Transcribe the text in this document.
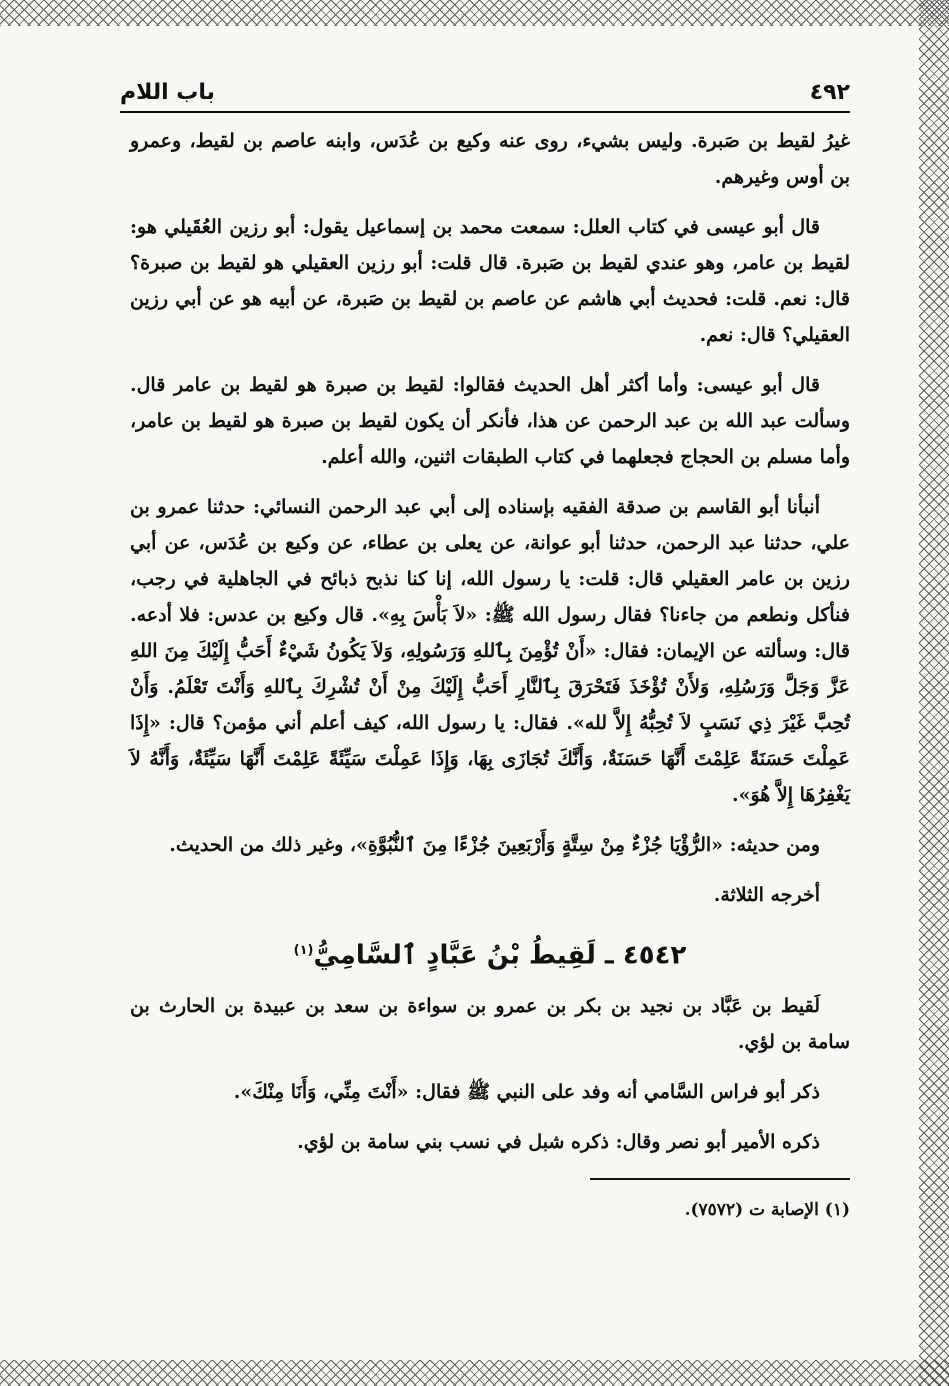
٤٩٢
باب اللام

غيرُ لقيط بن صَبرة. وليس بشيء، روى عنه وكيع بن عُدَس، وابنه عاصم بن لقيط، وعمرو بن أوس وغيرهم.

قال أبو عيسى في كتاب العلل: سمعت محمد بن إسماعيل يقول: أبو رزين العُقَيلي هو: لقيط بن عامر، وهو عندي لقيط بن صَبرة. قال قلت: أبو رزين العقيلي هو لقيط بن صبرة؟ قال: نعم. قلت: فحديث أبي هاشم عن عاصم بن لقيط بن صَبرة، عن أبيه هو عن أبي رزين العقيلي؟ قال: نعم.

قال أبو عيسى: وأما أكثر أهل الحديث فقالوا: لقيط بن صبرة هو لقيط بن عامر قال. وسألت عبد الله بن عبد الرحمن عن هذا، فأنكر أن يكون لقيط بن صبرة هو لقيط بن عامر، وأما مسلم بن الحجاج فجعلهما في كتاب الطبقات اثنين، والله أعلم.

أنبأنا أبو القاسم بن صدقة الفقيه بإسناده إلى أبي عبد الرحمن النسائي: حدثنا عمرو بن علي، حدثنا عبد الرحمن، حدثنا أبو عوانة، عن يعلى بن عطاء، عن وكيع بن عُدَس، عن أبي رزين بن عامر العقيلي قال: قلت: يا رسول الله، إنا كنا نذبح ذبائح في الجاهلية في رجب، فنأكل ونطعم من جاءنا؟ فقال رسول الله ﷺ: «لاَ بَأْسَ بِهِ». قال وكيع بن عدس: فلا أدعه. قال: وسألته عن الإيمان: فقال: «أَنْ تُؤْمِنَ بِٱللهِ وَرَسُولِهِ، وَلاَ يَكُونُ شَيْءٌ أَحَبُّ إِلَيْكَ مِنَ اللهِ عَزَّ وَجَلَّ وَرَسُلِهِ، وَلأَنْ تُؤْخَذَ فَتَحْرَقَ بِٱلنَّارِ أَحَبُّ إِلَيْكَ مِنْ أَنْ تُشْرِكَ بِٱللهِ وَأَنْتَ تَعْلَمُ. وَأَنْ تُحِبَّ غَيْرَ ذِي نَسَبٍ لاَ تُحِبُّهُ إِلاَّ لله». فقال: يا رسول الله، كيف أعلم أني مؤمن؟ قال: «إِذَا عَمِلْتَ حَسَنَةً عَلِمْتَ أَنَّهَا حَسَنَةٌ، وَأَنَّكَ تُجَازَى بِهَا، وَإِذَا عَمِلْتَ سَيِّئَةً عَلِمْتَ أَنَّهَا سَيِّئَةٌ، وَأَنَّهُ لاَ يَغْفِرُهَا إِلاَّ هُوَ».

ومن حديثه: «الرُّؤْيَا جُزْءٌ مِنْ سِتَّةٍ وَأَرْبَعِينَ جُزْءًا مِنَ ٱلنُّبُوَّةِ»، وغير ذلك من الحديث.

أخرجه الثلاثة.

٤٥٤٢ ـ لَقِيطُ بْنُ عَبَّادٍ ٱلسَّامِيُّ$^{(١)}$

لَقيط بن عَبَّاد بن نجيد بن بكر بن عمرو بن سواءة بن سعد بن عبيدة بن الحارث بن سامة بن لؤي.

ذكر أبو فراس السَّامي أنه وفد على النبي ﷺ فقال: «أَنْتَ مِنِّي، وَأَنَا مِنْكَ».

ذكره الأمير أبو نصر وقال: ذكره شبل في نسب بني سامة بن لؤي.

(١) الإصابة ت (٧٥٧٢).
